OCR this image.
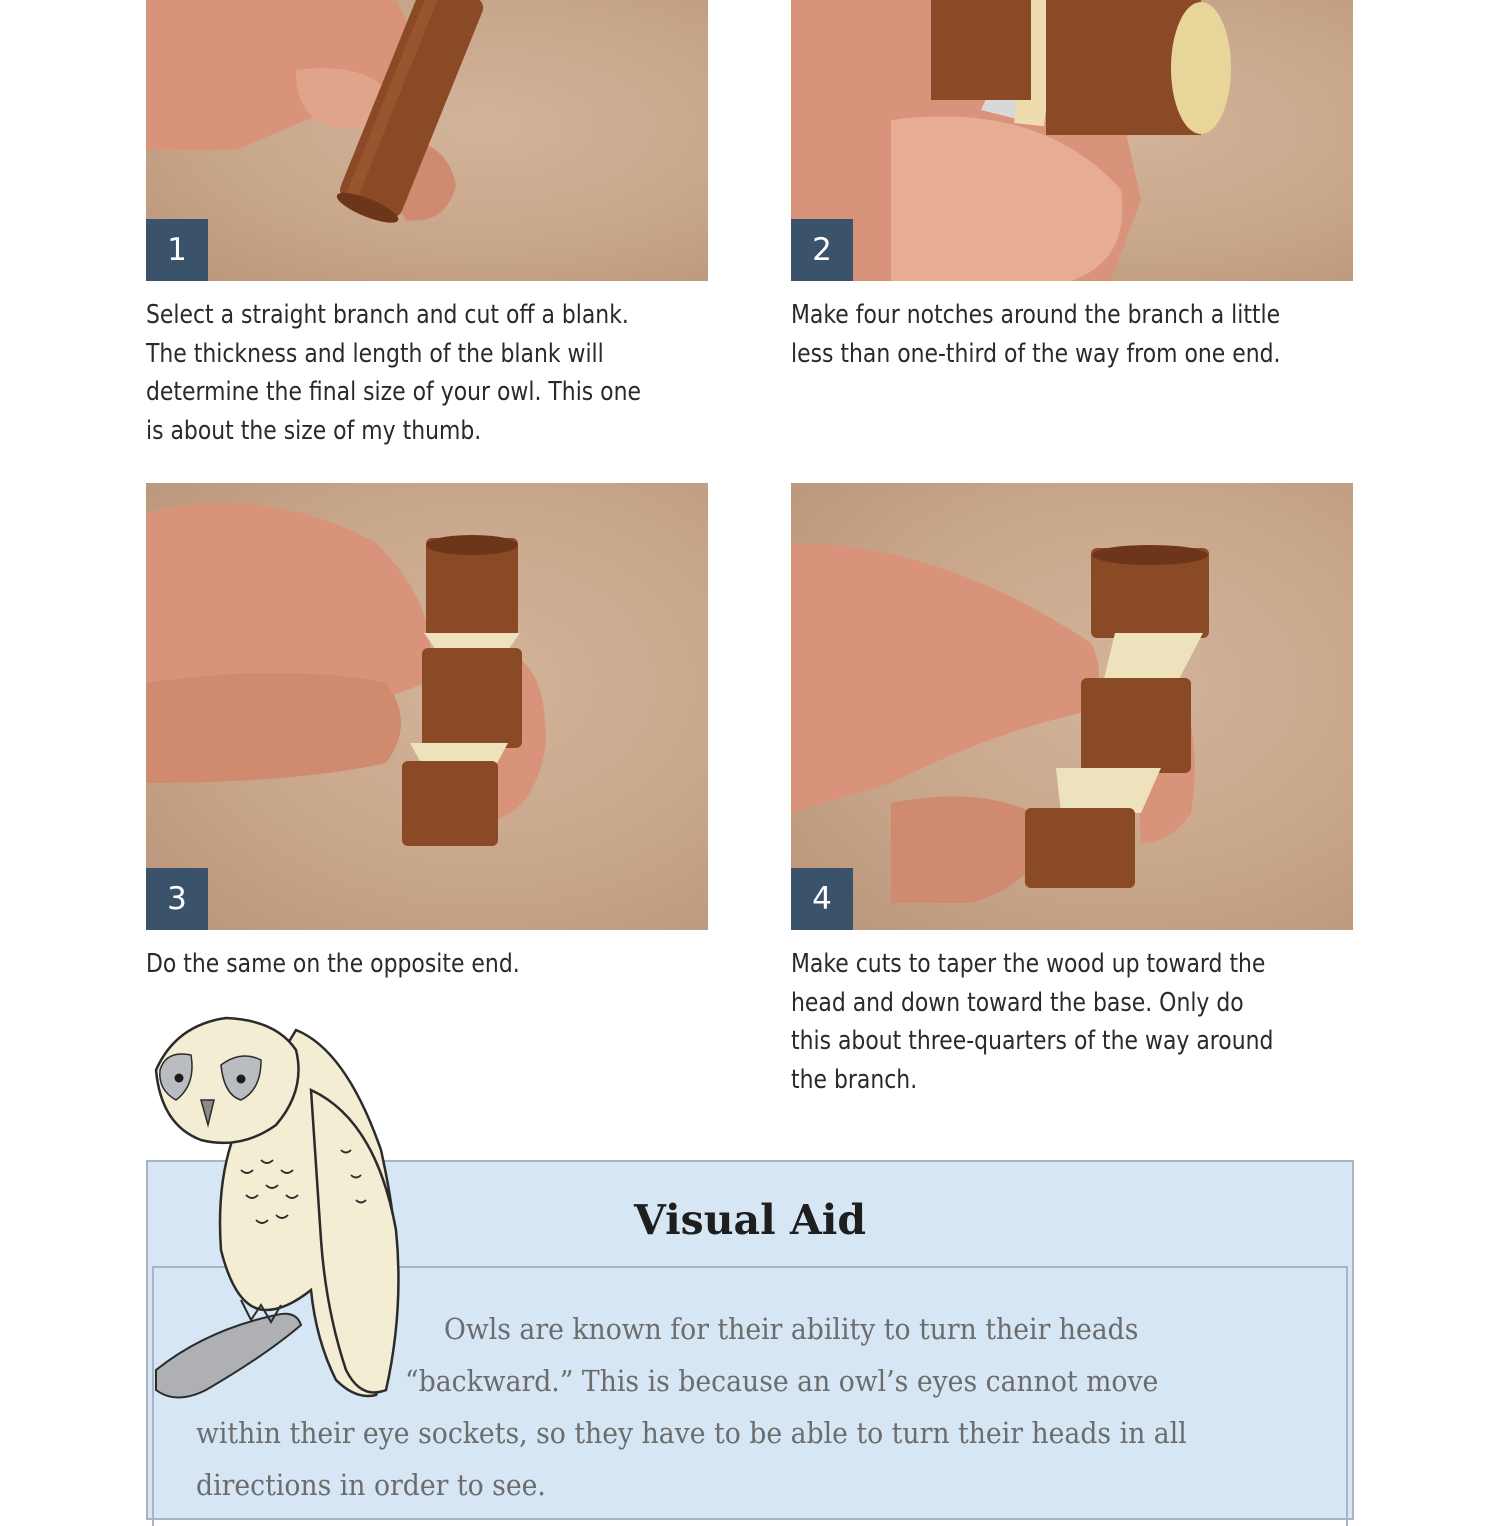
1

Select a straight branch and cut off a blank.
The thickness and length of the blank will
determine the final size of your owl. This one
is about the size of my thumb.

2

Make four notches around the branch a little
less than one-third of the way from one end.

3

Do the same on the opposite end.

4

Make cuts to taper the wood up toward the
head and down toward the base. Only do
this about three-quarters of the way around
the branch.

Visual Aid

Owls are known for their ability to turn their heads

“backward.” This is because an owl’s eyes cannot move

within their eye sockets, so they have to be able to turn their heads in all

directions in order to see.
